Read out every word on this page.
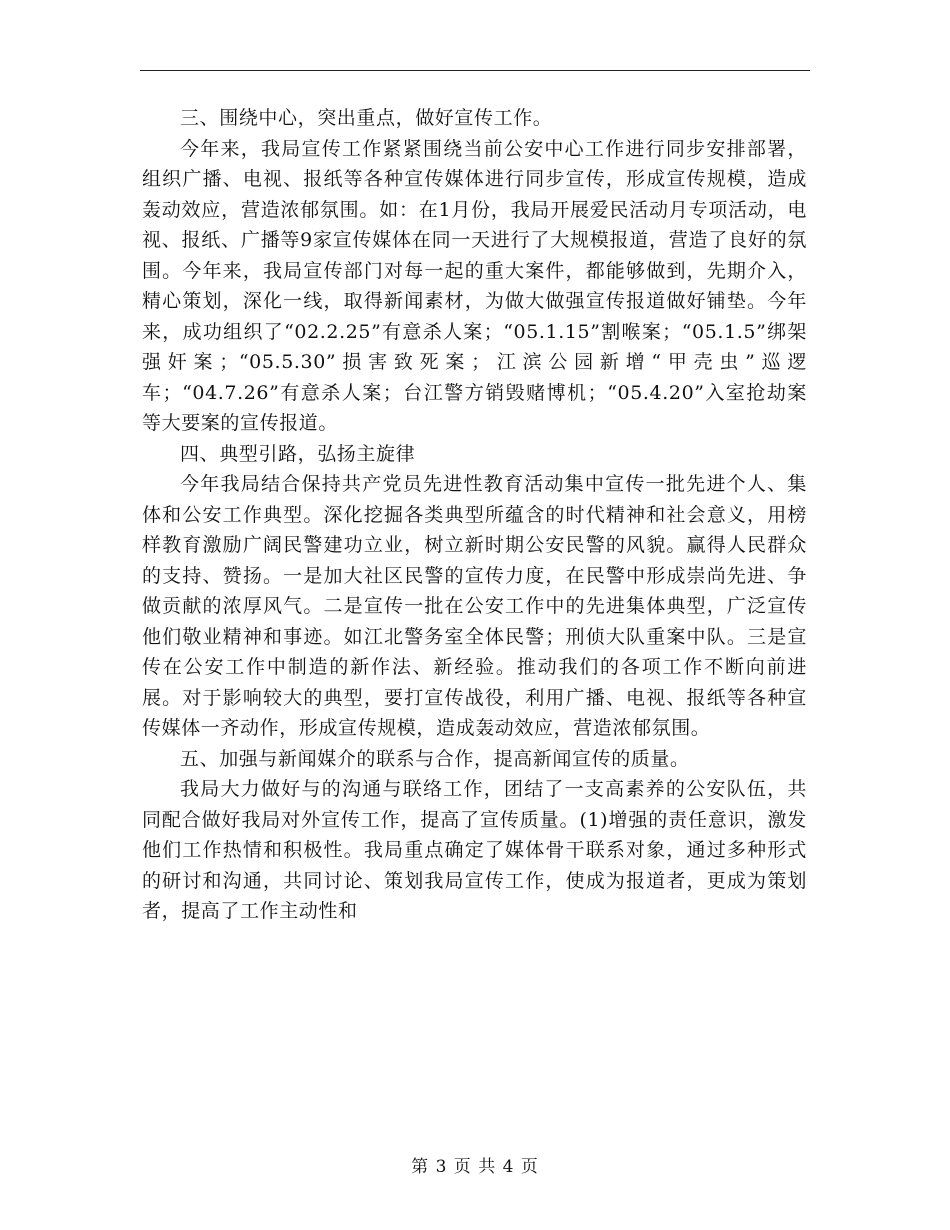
三、围绕中心，突出重点，做好宣传工作。

今年来，我局宣传工作紧紧围绕当前公安中心工作进行同步安排部署，组织广播、电视、报纸等各种宣传媒体进行同步宣传，形成宣传规模，造成轰动效应，营造浓郁氛围。如：在1月份，我局开展爱民活动月专项活动，电视、报纸、广播等9家宣传媒体在同一天进行了大规模报道，营造了良好的氛围。今年来，我局宣传部门对每一起的重大案件，都能够做到，先期介入，精心策划，深化一线，取得新闻素材，为做大做强宣传报道做好铺垫。今年来，成功组织了“02.2.25”有意杀人案；“05.1.15”割喉案；“05.1.5”绑架强奸案；“05.5.30”损害致死案；江滨公园新增“甲壳虫”巡逻车；“04.7.26”有意杀人案；台江警方销毁赌博机；“05.4.20”入室抢劫案等大要案的宣传报道。

四、典型引路，弘扬主旋律

今年我局结合保持共产党员先进性教育活动集中宣传一批先进个人、集体和公安工作典型。深化挖掘各类典型所蕴含的时代精神和社会意义，用榜样教育激励广阔民警建功立业，树立新时期公安民警的风貌。赢得人民群众的支持、赞扬。一是加大社区民警的宣传力度，在民警中形成崇尚先进、争做贡献的浓厚风气。二是宣传一批在公安工作中的先进集体典型，广泛宣传他们敬业精神和事迹。如江北警务室全体民警；刑侦大队重案中队。三是宣传在公安工作中制造的新作法、新经验。推动我们的各项工作不断向前进展。对于影响较大的典型，要打宣传战役，利用广播、电视、报纸等各种宣传媒体一齐动作，形成宣传规模，造成轰动效应，营造浓郁氛围。

五、加强与新闻媒介的联系与合作，提高新闻宣传的质量。

我局大力做好与的沟通与联络工作，团结了一支高素养的公安队伍，共同配合做好我局对外宣传工作，提高了宣传质量。(1)增强的责任意识，激发他们工作热情和积极性。我局重点确定了媒体骨干联系对象，通过多种形式的研讨和沟通，共同讨论、策划我局宣传工作，使成为报道者，更成为策划者，提高了工作主动性和

第 3 页 共 4 页
